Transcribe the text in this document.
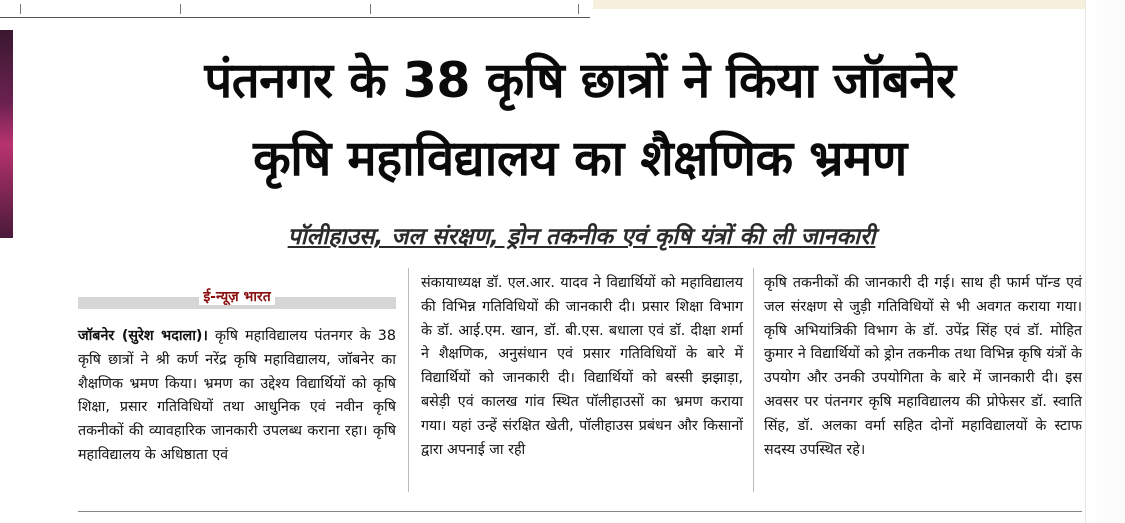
पंतनगर के 38 कृषि छात्रों ने किया जॉबनेर
कृषि महाविद्यालय का शैक्षणिक भ्रमण
पॉलीहाउस, जल संरक्षण, ड्रोन तकनीक एवं कृषि यंत्रों की ली जानकारी
ई-न्यूज़ भारत

जॉबनेर (सुरेश भदाला)। कृषि महाविद्यालय पंतनगर के 38 कृषि छात्रों ने श्री कर्ण नरेंद्र कृषि महाविद्यालय, जॉबनेर का शैक्षणिक भ्रमण किया। भ्रमण का उद्देश्य विद्यार्थियों को कृषि शिक्षा, प्रसार गतिविधियों तथा आधुनिक एवं नवीन कृषि तकनीकों की व्यावहारिक जानकारी उपलब्ध कराना रहा। कृषि महाविद्यालय के अधिष्ठाता एवं

संकायाध्यक्ष डॉ. एल.आर. यादव ने विद्यार्थियों को महाविद्यालय की विभिन्न गतिविधियों की जानकारी दी। प्रसार शिक्षा विभाग के डॉ. आई.एम. खान, डॉ. बी.एस. बधाला एवं डॉ. दीक्षा शर्मा ने शैक्षणिक, अनुसंधान एवं प्रसार गतिविधियों के बारे में विद्यार्थियों को जानकारी दी। विद्यार्थियों को बस्सी झझाड़ा, बसेड़ी एवं कालख गांव स्थित पॉलीहाउसों का भ्रमण कराया गया। यहां उन्हें संरक्षित खेती, पॉलीहाउस प्रबंधन और किसानों द्वारा अपनाई जा रही

कृषि तकनीकों की जानकारी दी गई। साथ ही फार्म पॉन्ड एवं जल संरक्षण से जुड़ी गतिविधियों से भी अवगत कराया गया। कृषि अभियांत्रिकी विभाग के डॉ. उपेंद्र सिंह एवं डॉ. मोहित कुमार ने विद्यार्थियों को ड्रोन तकनीक तथा विभिन्न कृषि यंत्रों के उपयोग और उनकी उपयोगिता के बारे में जानकारी दी। इस अवसर पर पंतनगर कृषि महाविद्यालय की प्रोफेसर डॉ. स्वाति सिंह, डॉ. अलका वर्मा सहित दोनों महाविद्यालयों के स्टाफ सदस्य उपस्थित रहे।
